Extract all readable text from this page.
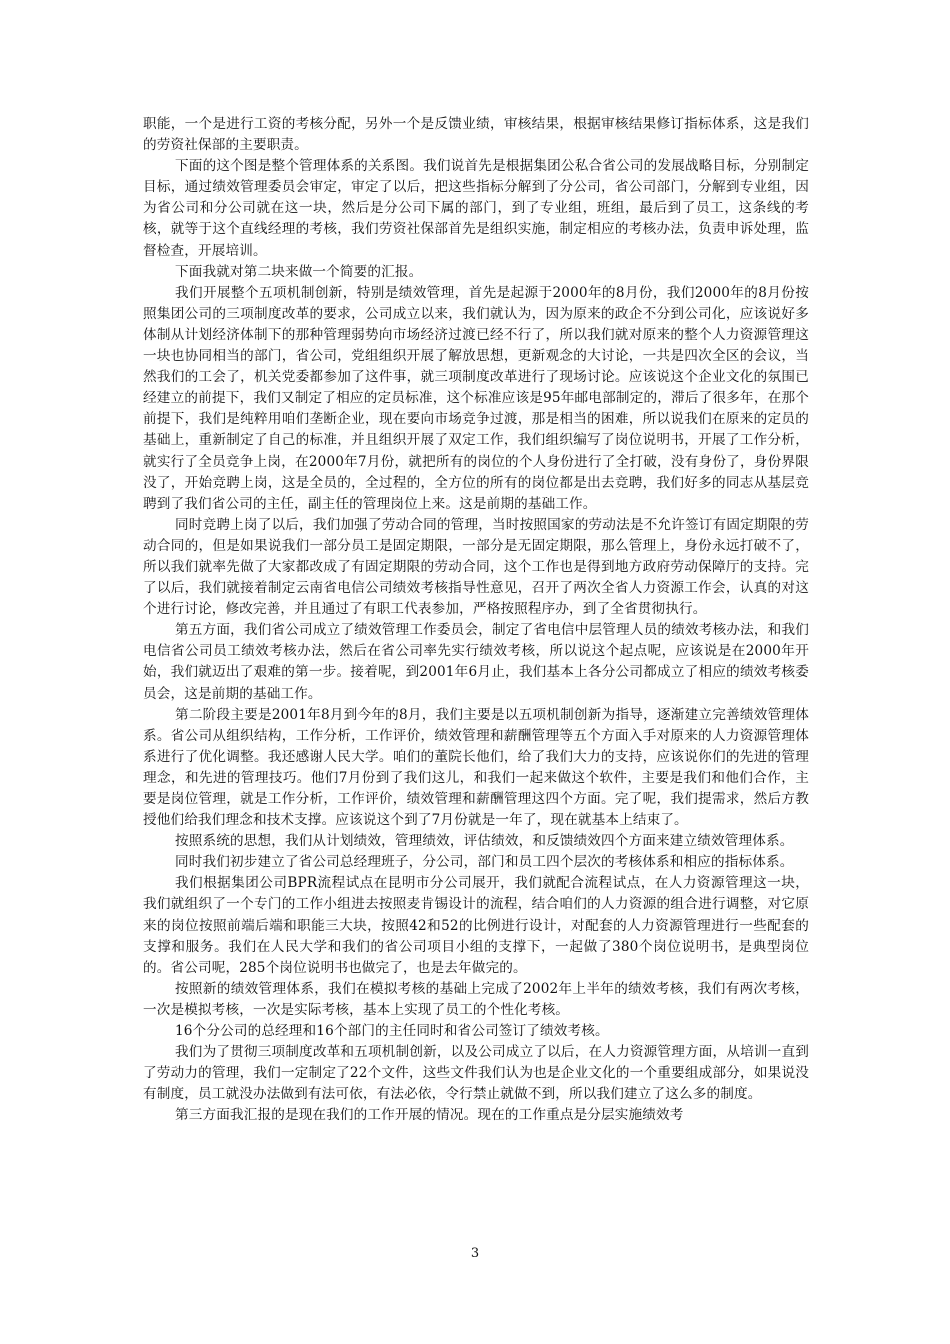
职能，一个是进行工资的考核分配，另外一个是反馈业绩，审核结果，根据审核结果修订指标体系，这是我们的劳资社保部的主要职责。

下面的这个图是整个管理体系的关系图。我们说首先是根据集团公私合省公司的发展战略目标，分别制定目标，通过绩效管理委员会审定，审定了以后，把这些指标分解到了分公司，省公司部门，分解到专业组，因为省公司和分公司就在这一块，然后是分公司下属的部门，到了专业组，班组，最后到了员工，这条线的考核，就等于这个直线经理的考核，我们劳资社保部首先是组织实施，制定相应的考核办法，负责申诉处理，监督检查，开展培训。

下面我就对第二块来做一个简要的汇报。

我们开展整个五项机制创新，特别是绩效管理，首先是起源于2000年的8月份，我们2000年的8月份按照集团公司的三项制度改革的要求，公司成立以来，我们就认为，因为原来的政企不分到公司化，应该说好多体制从计划经济体制下的那种管理弱势向市场经济过渡已经不行了，所以我们就对原来的整个人力资源管理这一块也协同相当的部门，省公司，党组组织开展了解放思想，更新观念的大讨论，一共是四次全区的会议，当然我们的工会了，机关党委都参加了这件事，就三项制度改革进行了现场讨论。应该说这个企业文化的氛围已经建立的前提下，我们又制定了相应的定员标准，这个标准应该是95年邮电部制定的，滞后了很多年，在那个前提下，我们是纯粹用咱们垄断企业，现在要向市场竞争过渡，那是相当的困难，所以说我们在原来的定员的基础上，重新制定了自己的标准，并且组织开展了双定工作，我们组织编写了岗位说明书，开展了工作分析，就实行了全员竞争上岗，在2000年7月份，就把所有的岗位的个人身份进行了全打破，没有身份了，身份界限没了，开始竞聘上岗，这是全员的，全过程的，全方位的所有的岗位都是出去竞聘，我们好多的同志从基层竞聘到了我们省公司的主任，副主任的管理岗位上来。这是前期的基础工作。

同时竞聘上岗了以后，我们加强了劳动合同的管理，当时按照国家的劳动法是不允许签订有固定期限的劳动合同的，但是如果说我们一部分员工是固定期限，一部分是无固定期限，那么管理上，身份永远打破不了，所以我们就率先做了大家都改成了有固定期限的劳动合同，这个工作也是得到地方政府劳动保障厅的支持。完了以后，我们就接着制定云南省电信公司绩效考核指导性意见，召开了两次全省人力资源工作会，认真的对这个进行讨论，修改完善，并且通过了有职工代表参加，严格按照程序办，到了全省贯彻执行。

第五方面，我们省公司成立了绩效管理工作委员会，制定了省电信中层管理人员的绩效考核办法，和我们电信省公司员工绩效考核办法，然后在省公司率先实行绩效考核，所以说这个起点呢，应该说是在2000年开始，我们就迈出了艰难的第一步。接着呢，到2001年6月止，我们基本上各分公司都成立了相应的绩效考核委员会，这是前期的基础工作。

第二阶段主要是2001年8月到今年的8月，我们主要是以五项机制创新为指导，逐渐建立完善绩效管理体系。省公司从组织结构，工作分析，工作评价，绩效管理和薪酬管理等五个方面入手对原来的人力资源管理体系进行了优化调整。我还感谢人民大学。咱们的董院长他们，给了我们大力的支持，应该说你们的先进的管理理念，和先进的管理技巧。他们7月份到了我们这儿，和我们一起来做这个软件，主要是我们和他们合作，主要是岗位管理，就是工作分析，工作评价，绩效管理和薪酬管理这四个方面。完了呢，我们提需求，然后方教授他们给我们理念和技术支撑。应该说这个到了7月份就是一年了，现在就基本上结束了。

按照系统的思想，我们从计划绩效，管理绩效，评估绩效，和反馈绩效四个方面来建立绩效管理体系。

同时我们初步建立了省公司总经理班子，分公司，部门和员工四个层次的考核体系和相应的指标体系。

我们根据集团公司BPR流程试点在昆明市分公司展开，我们就配合流程试点，在人力资源管理这一块，我们就组织了一个专门的工作小组进去按照麦肯锡设计的流程，结合咱们的人力资源的组合进行调整，对它原来的岗位按照前端后端和职能三大块，按照42和52的比例进行设计，对配套的人力资源管理进行一些配套的支撑和服务。我们在人民大学和我们的省公司项目小组的支撑下，一起做了380个岗位说明书，是典型岗位的。省公司呢，285个岗位说明书也做完了，也是去年做完的。

按照新的绩效管理体系，我们在模拟考核的基础上完成了2002年上半年的绩效考核，我们有两次考核，一次是模拟考核，一次是实际考核，基本上实现了员工的个性化考核。

16个分公司的总经理和16个部门的主任同时和省公司签订了绩效考核。

我们为了贯彻三项制度改革和五项机制创新，以及公司成立了以后，在人力资源管理方面，从培训一直到了劳动力的管理，我们一定制定了22个文件，这些文件我们认为也是企业文化的一个重要组成部分，如果说没有制度，员工就没办法做到有法可依，有法必依，令行禁止就做不到，所以我们建立了这么多的制度。

第三方面我汇报的是现在我们的工作开展的情况。现在的工作重点是分层实施绩效考

3
